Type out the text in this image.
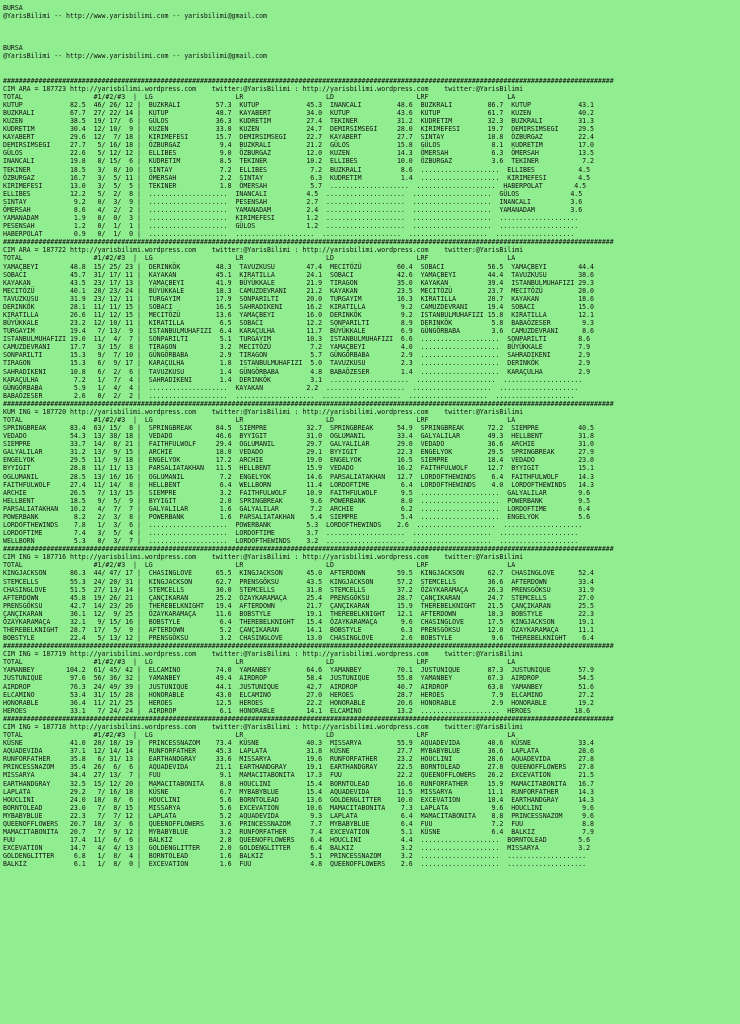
BURSA
@YarisBilimi -- http://www.yarisbilimi.com -- yarisbilimi@gmail.com
BURSA
@YarisBilimi -- http://www.yarisbilimi.com -- yarisbilimi@gmail.com
###########################################################################################################################################################
CIM ARA = 187723 http://yarisbilimi.wordpress.com    twitter:@YarisBilimi : http://yarisbilimi.wordpress.com    twitter:@YarisBilimi
TOTAL                  #1/#2/#3  |  LG                     LR                     LD                     LRF                    LA
KUTUP            82.5  46/ 26/ 12 |  BUZKRALI         57.3  KUTUP            45.3  INANCALI         48.6  BUZKRALI         86.7  KUTUP            43.1
BUZKRALI         67.7  27/ 22/ 14 |  KUTUP            48.7  KAYABERT         34.0  KUTUP            43.6  KUTUP            61.7  KUZEN            40.2
KUZEN            38.5  19/ 17/  6 |  GÜLOS            36.3  KUDRETIM         27.4  TEKINER          31.2  KUDRETIM         32.3  BUZKRALI         31.3
KUDRETIM         30.4  12/ 10/  9 |  KUZEN            33.0  KUZEN            24.7  DEMIRSIMSEGI     28.0  KIRIMEFESI       19.7  DEMIRSIMSEGI     29.5
KAYABERT         29.6  12/  7/ 18 |  KIRIMEFESI       15.7  DEMIRSIMSEGI     22.7  KAYABERT         27.7  SINTAY           10.8  ÖZBURGAZ         22.4
DEMIRSIMSEGI     27.7   5/ 16/ 18 |  ÖZBURGAZ          9.4  BUZKRALI         21.2  GÜLOS            15.8  GÜLOS             8.1  KUDRETIM         17.0
GÜLOS            22.6   5/ 12/ 12 |  ELLIBES           9.0  ÖZBURGAZ         12.0  KUZEN            14.3  ÖMERSAH           6.3  ÖMERSAH          13.5
INANCALI         19.8   8/ 15/  6 |  KUDRETIM          8.5  TEKINER          10.2  ELLIBES          10.0  ÖZBURGAZ          3.6  TEKINER           7.2
TEKINER          18.5   3/  8/ 10 |  SINTAY            7.2  ELLIBES           7.2  BUZKRALI          8.6  ....................  ELLIBES           4.5
ÖZBURGAZ         16.7   3/  5/ 11 |  ÖMERSAH           2.2  SINTAY            6.3  KUDRETIM          1.4  ....................  KIRIMEFESI        4.5
KIRIMEFESI       13.0   3/  5/  5 |  TEKINER           1.8  ÖMERSAH           5.7  ....................  ....................  HABERPOLAT        4.5
ELLIBES          12.2   5/  2/  8 |  ....................  INANCALI          4.5  ....................  ....................  GÜLOS             4.5
SINTAY            9.2   0/  3/  9 |  ....................  PESENSAH          2.7  ....................  ....................  INANCALI          3.6
ÖMERSAH           8.6   4/  2/  2 |  ....................  YAMANADAM         2.4  ....................  ....................  YAMANADAM         3.6
YAMANADAM         1.9   0/  0/  3 |  ....................  KIRIMEFESI        1.2  ....................  ....................  ....................
PESENSAH          1.2   0/  1/  1 |  ....................  GÜLOS             1.2  ....................  ....................  ....................
HABERPOLAT        0.9   0/  1/  0 |  ....................  ....................  ....................  ....................  ....................
###########################################################################################################################################################
CIM ARA = 187722 http://yarisbilimi.wordpress.com    twitter:@YarisBilimi : http://yarisbilimi.wordpress.com    twitter:@YarisBilimi
TOTAL                  #1/#2/#3  |  LG                     LR                     LD                     LRF                    LA
YAMAÇBEYI        48.8  15/ 25/ 23 |  DERINKÖK         48.3  TAVUZKUSU        47.4  MECITÖZÜ         60.4  SOBACI           56.5  YAMAÇBEYI        44.4
SOBACI           45.7  31/ 17/ 11 |  KAYAKAN          45.1  KIRATILLA        24.1  SOBACI           42.6  YAMAÇBEYI        44.4  TAVUZKUSU        38.6
KAYAKAN          43.5  23/ 17/ 13 |  YAMAÇBEYI        41.9  BÜYÜKKALE        21.9  TIRAGON          35.0  KAYAKAN          39.4  ISTANBULMUHAFIZI 29.3
MECITÖZÜ         40.1  20/ 23/ 24 |  BÜYÜKKALE        18.3  CAMUZDEVRANI     21.2  KAYAKAN          23.5  MECITÖZÜ         23.7  MECITÖZÜ         28.0
TAVUZKUSU        31.9  23/ 12/ 11 |  TURGAYIM         17.9  SONPARILTI       20.0  TURGAYIM         16.3  KIRATILLA        20.7  KAYAKAN          18.6
DERINKÖK         28.1  11/ 11/ 15 |  SOBACI           16.5  SAHRADIKENI      16.2  KIRATILLA         9.2  CAMUZDEVRANI     19.4  SOBACI           15.0
KIRATILLA        26.6  11/ 12/ 15 |  MECITÖZÜ         13.6  YAMAÇBEYI        16.0  DERINKÖK          9.2  ISTANBULMUHAFIZI 15.8  KIRATILLA        12.1
BÜYÜKKALE        23.2  12/ 10/ 11 |  KIRATILLA         6.5  SOBACI           12.2  SONPARILTI        8.9  DERINKÖK          5.8  BABAÖZESER        9.3
TURGAYIM         19.4   7/ 13/  9 |  ISTANBULMUHAFIZI  6.4  KARAÇULHA        11.7  BÜYÜKKALE         6.9  GÜNGÖRBABA        3.6  CAMUZDEVRANI      8.6
ISTANBULMUHAFIZI 19.0  11/  4/  7 |  SONPARILTI        5.1  TURGAYIM         10.3  ISTANBULMUHAFIZI  6.6  ....................  SONPARILTI        8.6
CAMUZDEVRANI     17.7   3/ 15/  8 |  TIRAGON           3.2  MECITÖZÜ          7.2  YAMAÇBEYI         4.0  ....................  BÜYÜKKALE         7.9
SONPARILTI       15.3   9/  7/ 10 |  GÜNGÖRBABA        2.9  TIRAGON           5.7  GÜNGÖRBABA        2.9  ....................  SAHRADIKENI       2.9
TIRAGON          15.3   6/  9/ 17 |  KARAÇULHA         1.8  ISTANBULMUHAFIZI  5.0  TAVUZKUSU         2.3  ....................  DERINKÖK          2.9
SAHRADIKENI      10.8   6/  2/  6 |  TAVUZKUSU         1.4  GÜNGÖRBABA        4.8  BABAÖZESER        1.4  ....................  KARAÇULHA         2.9
KARAÇULHA         7.2   1/  7/  4 |  SAHRADIKENI       1.4  DERINKÖK          3.1  ....................  ....................  ....................
GÜNGÖRBABA        5.9   1/  4/  4 |  ....................  KAYAKAN           2.2  ....................  ....................  ....................
BABAÖZESER        2.6   0/  2/  2 |  ....................  ....................  ....................  ....................  ....................
###########################################################################################################################################################
KUM ING = 187720 http://yarisbilimi.wordpress.com    twitter:@YarisBilimi : http://yarisbilimi.wordpress.com    twitter:@YarisBilimi
TOTAL                  #1/#2/#3  |  LG                     LR                     LD                     LRF                    LA
SPRINGBREAK      83.4  63/ 15/  8 |  SPRINGBREAK      84.5  SIEMPRE          32.7  SPRINGBREAK      54.9  SPRINGBREAK      72.2  SIEMPRE          40.5
VEDADO           54.3  13/ 38/ 18 |  VEDADO           46.6  BYYIGIT          31.0  OGLUMANIL        33.4  GALYALILAR       49.3  HELLBENT         31.8
SIEMPRE          33.7  14/  8/ 21 |  FAITHFULWOLF     29.4  OGLUMANIL        29.7  GALYALILAR       29.0  VEDADO           36.6  ARCHIE           31.0
GALYALILAR       31.2  13/  9/ 15 |  ARCHIE           18.0  VEDADO           29.1  BYYIGIT          22.3  ENGELYOK         29.5  SPRINGBREAK      27.9
ENGELYOK         29.5  11/  9/ 18 |  ENGELYOK         17.2  ARCHIE           19.0  ENGELYOK         16.5  SIEMPRE          18.4  VEDADO           23.0
BYYIGIT          28.8  11/ 11/ 13 |  PARSALIATAKHAN   11.5  HELLBENT         15.9  VEDADO           16.2  FAITHFULWOLF     12.7  BYYIGIT          15.1
OGLUMANIL        28.5  13/ 16/ 16 |  OGLUMANIL         7.2  ENGELYOK         14.6  PARSALIATAKHAN   12.7  LORDOFTHEWINDS    6.4  FAITHFULWOLF     14.3
FAITHFULWOLF     27.4  11/ 14/  8 |  HELLBENT          6.4  WELLBORN         11.4  LORDOFTIME        6.4  LORDOFTHEWINDS    4.0  LORDOFTHEWINDS   14.3
ARCHIE           26.5   7/ 13/ 15 |  SIEMPRE           3.2  FAITHFULWOLF     10.9  FAITHFULWOLF      9.5  ....................  GALYALILAR        9.6
HELLBENT         18.5   9/  5/  9 |  BYYIGIT           2.0  SPRINGBREAK       9.6  POWERBANK         8.0  ....................  POWERBANK         9.5
PARSALIATAKHAN   10.2   4/  7/  7 |  GALYALILAR        1.6  GALYALILAR        7.2  ARCHIE            6.2  ....................  LORDOFTIME        6.4
POWERBANK         8.2   2/  3/  8 |  POWERBANK         1.6  PARSALIATAKHAN    5.4  SIEMPRE           5.4  ....................  ENGELYOK          5.6
LORDOFTHEWINDS    7.8   1/  3/  6 |  ....................  POWERBANK         5.3  LORDOFTHEWINDS    2.6  ....................  ....................
LORDOFTIME        7.4   3/  5/  4 |  ....................  LORDOFTIME        3.7  ....................  ....................  ....................
WELLBORN          5.3   0/  3/  7 |  ....................  LORDOFTHEWINDS    3.2  ....................  ....................  ....................
###########################################################################################################################################################
CIM ING = 187716 http://yarisbilimi.wordpress.com    twitter:@YarisBilimi : http://yarisbilimi.wordpress.com    twitter:@YarisBilimi
TOTAL                  #1/#2/#3  |  LG                     LR                     LD                     LRF                    LA
KINGJACKSON      86.3  44/ 47/ 17 |  CHASINGLOVE      65.5  KINGJACKSON      45.0  AFTERDOWN        59.5  KINGJACKSON      62.7  CHASINGLOVE      52.4
STEMCELLS        55.3  24/ 20/ 31 |  KINGJACKSON      62.7  PRENSGÖKSU       43.5  KINGJACKSON      57.2  STEMCELLS        36.6  AFTERDOWN        33.4
CHASINGLOVE      51.5  27/ 13/ 14 |  STEMCELLS        30.0  STEMCELLS        31.8  STEMCELLS        37.2  ÖZAYKARAMAÇA     26.3  PRENSGÖKSU       31.9
AFTERDOWN        45.8  19/ 26/ 21 |  ÇANÇIKARAN       25.2  ÖZAYKARAMAÇA     25.4  PRENSGÖKSU       28.7  ÇANÇIKARAN       24.7  STEMCELLS        27.0
PRENSGÖKSU       42.7  14/ 23/ 26 |  THEREBELKNIGHT   19.4  AFTERDOWN        21.7  ÇANÇIKARAN       15.9  THEREBELKNIGHT   21.5  ÇANÇIKARAN       25.5
ÇANÇIKARAN       36.1  12/  9/ 25 |  ÖZAYKARAMAÇA     11.6  BOBSTYLE         19.1  THEREBELKNIGHT   12.1  AFTERDOWN        18.3  BOBSTYLE         22.3
ÖZAYKARAMAÇA     32.1   9/ 15/ 16 |  BOBSTYLE          6.4  THEREBELKNIGHT   15.4  ÖZAYKARAMAÇA      9.6  CHASINGLOVE      17.5  KINGJACKSON      19.1
THEREBELKNIGHT   28.7  17/  5/  9 |  AFTERDOWN         5.2  ÇANÇIKARAN       14.1  BOBSTYLE          6.3  PRENSGÖKSU       12.0  ÖZAYKARAMAÇA     11.1
BOBSTYLE         22.4   5/ 13/ 12 |  PRENSGÖKSU        3.2  CHASINGLOVE      13.0  CHASINGLOVE       2.6  BOBSTYLE          9.6  THEREBELKNIGHT    6.4
###########################################################################################################################################################
CIM ING = 187719 http://yarisbilimi.wordpress.com    twitter:@YarisBilimi : http://yarisbilimi.wordpress.com    twitter:@YarisBilimi
TOTAL                  #1/#2/#3  |  LG                     LR                     LD                     LRF                    LA
YAMANBEY        104.2  61/ 45/ 42 |  ELCAMINO         74.0  YAMANBEY         64.6  YAMANBEY         70.1  JUSTUNIQUE       87.3  JUSTUNIQUE       57.9
JUSTUNIQUE       97.6  56/ 36/ 32 |  YAMANBEY         49.4  AIRDROP          58.4  JUSTUNIQUE       55.8  YAMANBEY         67.3  AIRDROP          54.5
AIRDROP          76.3  24/ 49/ 39 |  JUSTUNIQUE       44.1  JUSTUNIQUE       42.7  AIRDROP          40.7  AIRDROP          63.8  YAMANBEY         51.6
ELCAMINO         53.4  31/ 15/ 28 |  HONORABLE        43.0  ELCAMINO         27.0  HEROES           28.7  HEROES            7.9  ELCAMINO         27.2
HONORABLE        36.4  11/ 21/ 25 |  HEROES           12.5  HEROES           22.2  HONORABLE        20.6  HONORABLE         2.9  HONORABLE        19.2
HEROES           33.1   7/ 24/ 24 |  AIRDROP           6.1  HONORABLE        14.1  ELCAMINO         13.2  ....................  HEROES           18.6
###########################################################################################################################################################
CIM ING = 187718 http://yarisbilimi.wordpress.com    twitter:@YarisBilimi : http://yarisbilimi.wordpress.com    twitter:@YarisBilimi
TOTAL                  #1/#2/#3  |  LG                     LR                     LD                     LRF                    LA
KÜSNE            41.0  20/ 18/ 19 |  PRINCESSNAZOM    73.4  KÜSNE            40.3  MISSARYA         55.9  AQUADEVIDA       40.6  KÜSNE            33.4
AQUADEVIDA       37.1  12/ 14/ 14 |  RUNFORFATHER     45.3  LAPLATA          31.8  KÜSNE            27.7  MYBABYBLUE       36.6  LAPLATA          28.6
RUNFORFATHER     35.8   6/ 31/ 13 |  EARTHANDGRAY     33.6  MISSARYA         19.6  RUNFORFATHER     23.2  HOUCLINI         28.6  AQUADEVIDA       27.8
PRINCESSNAZOM    35.4  26/  6/  6 |  AQUADEVIDA       21.1  EARTHANDGRAY     19.1  EARTHANDGRAY     22.5  BORNTOLEAD       27.8  QUEENOFFLOWERS   27.8
MISSARYA         34.4  27/ 13/  7 |  FUU               9.1  MAMACITABONITA   17.3  FUU              22.2  QUEENOFFLOWERS   26.2  EXCEVATION       21.5
EARTHANDGRAY     32.5  15/ 12/ 20 |  MAMACITABONITA    8.8  HOUCLINI         15.4  BORNTOLEAD       16.6  RUNFORFATHER     15.9  MAMACITABONITA   16.7
LAPLATA          29.2   7/ 16/ 18 |  KÜSNE             6.7  MYBABYBLUE       15.4  AQUADEVIDA       11.5  MISSARYA         11.1  RUNFORFATHER     14.3
HOUCLINI         24.0  10/  8/  6 |  HOUCLINI          5.6  BORNTOLEAD       13.6  GOLDENGLITTER    10.0  EXCEVATION       10.4  EARTHANDGRAY     14.3
BORNTOLEAD       23.0   7/  8/ 15 |  MISSARYA          5.6  EXCEVATION       10.6  MAMACITABONITA    7.3  LAPLATA           9.6  HOUCLINI          9.6
MYBABYBLUE       22.3   7/  7/ 12 |  LAPLATA           5.2  AQUADEVIDA        9.3  LAPLATA           6.4  MAMACITABONITA    8.8  PRINCESSNAZOM     9.6
QUEENOFFLOWERS   20.7  10/  3/  6 |  QUEENOFFLOWERS    3.6  PRINCESSNAZOM     7.7  MYBABYBLUE        6.4  FUU               7.2  FUU               8.8
MAMACITABONITA   20.7   7/  9/ 12 |  MYBABYBLUE        3.2  RUNFORFATHER      7.4  EXCEVATION        5.1  KÜSNE             6.4  BALKIZ            7.9
FUU              17.4  11/  6/  6 |  BALKIZ            2.8  QUEENOFFLOWERS    6.4  HOUCLINI          4.4  ....................  BORNTOLEAD        5.6
EXCEVATION       14.7   4/  4/ 13 |  GOLDENGLITTER     2.0  GOLDENGLITTER     6.4  BALKIZ            3.2  ....................  MISSARYA          3.2
GOLDENGLITTER     6.8   1/  8/  4 |  BORNTOLEAD        1.6  BALKIZ            5.1  PRINCESSNAZOM     3.2  ....................  ....................
BALKIZ            6.1   1/  8/  0 |  EXCEVATION        1.6  FUU               4.8  QUEENOFFLOWERS    2.6  ....................  ....................
